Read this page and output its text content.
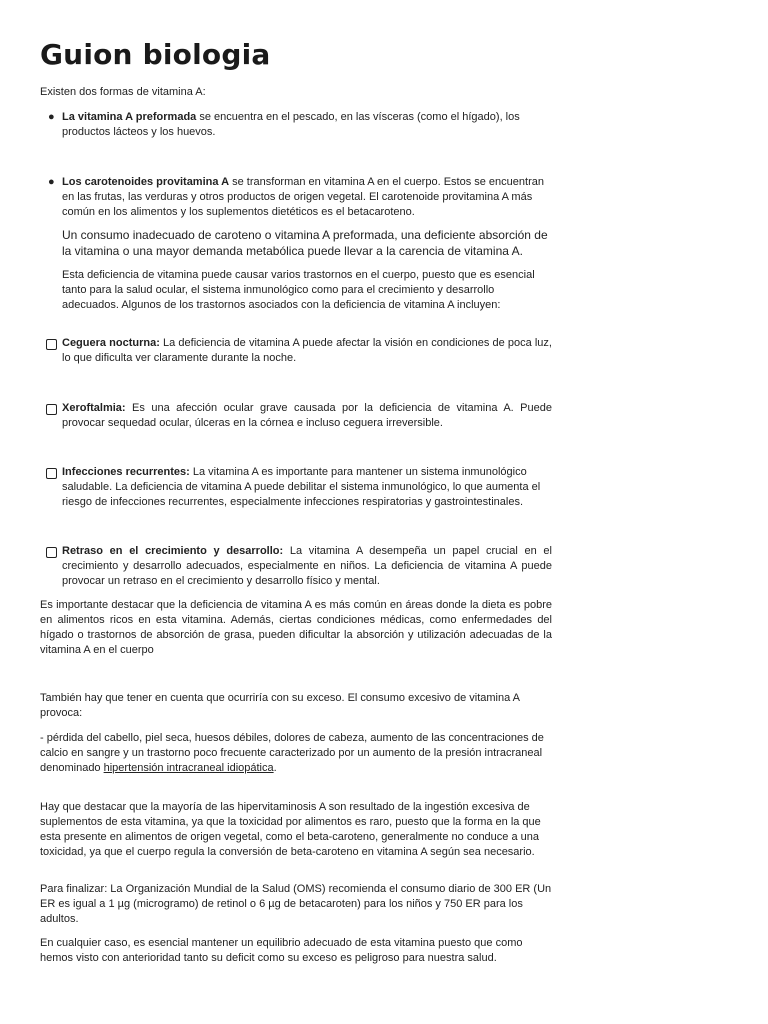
Guion biologia

Existen dos formas de vitamina A:

● La vitamina A preformada se encuentra en el pescado, en las vísceras (como el hígado), los productos lácteos y los huevos.
● Los carotenoides provitamina A se transforman en vitamina A en el cuerpo. Estos se encuentran en las frutas, las verduras y otros productos de origen vegetal. El carotenoide provitamina A más común en los alimentos y los suplementos dietéticos es el betacaroteno.
Un consumo inadecuado de caroteno o vitamina A preformada, una deficiente absorción de la vitamina o una mayor demanda metabólica puede llevar a la carencia de vitamina A.
Esta deficiencia de vitamina puede causar varios trastornos en el cuerpo, puesto que es esencial tanto para la salud ocular, el sistema inmunológico como para el crecimiento y desarrollo adecuados. Algunos de los trastornos asociados con la deficiencia de vitamina A incluyen:
Ceguera nocturna: La deficiencia de vitamina A puede afectar la visión en condiciones de poca luz, lo que dificulta ver claramente durante la noche.
Xeroftalmia: Es una afección ocular grave causada por la deficiencia de vitamina A. Puede provocar sequedad ocular, úlceras en la córnea e incluso ceguera irreversible.
Infecciones recurrentes: La vitamina A es importante para mantener un sistema inmunológico saludable. La deficiencia de vitamina A puede debilitar el sistema inmunológico, lo que aumenta el riesgo de infecciones recurrentes, especialmente infecciones respiratorias y gastrointestinales.
Retraso en el crecimiento y desarrollo: La vitamina A desempeña un papel crucial en el crecimiento y desarrollo adecuados, especialmente en niños. La deficiencia de vitamina A puede provocar un retraso en el crecimiento y desarrollo físico y mental.

Es importante destacar que la deficiencia de vitamina A es más común en áreas donde la dieta es pobre en alimentos ricos en esta vitamina. Además, ciertas condiciones médicas, como enfermedades del hígado o trastornos de absorción de grasa, pueden dificultar la absorción y utilización adecuadas de la vitamina A en el cuerpo

También hay que tener en cuenta que ocurriría con su exceso. El consumo excesivo de vitamina A provoca:

- pérdida del cabello, piel seca, huesos débiles, dolores de cabeza, aumento de las concentraciones de calcio en sangre y un trastorno poco frecuente caracterizado por un aumento de la presión intracraneal denominado hipertensión intracraneal idiopática.

Hay que destacar que la mayoría de las hipervitaminosis A son resultado de la ingestión excesiva de suplementos de esta vitamina, ya que la toxicidad por alimentos es raro, puesto que la forma en la que esta presente en alimentos de origen vegetal, como el beta-caroteno, generalmente no conduce a una toxicidad, ya que el cuerpo regula la conversión de beta-caroteno en vitamina A según sea necesario.

Para finalizar: La Organización Mundial de la Salud (OMS) recomienda el consumo diario de 300 ER (Un ER es igual a 1 µg (microgramo) de retinol o 6 µg de betacaroten) para los niños y 750 ER para los adultos.

En cualquier caso, es esencial mantener un equilibrio adecuado de esta vitamina puesto que como hemos visto con anterioridad tanto su deficit como su exceso es peligroso para nuestra salud.
